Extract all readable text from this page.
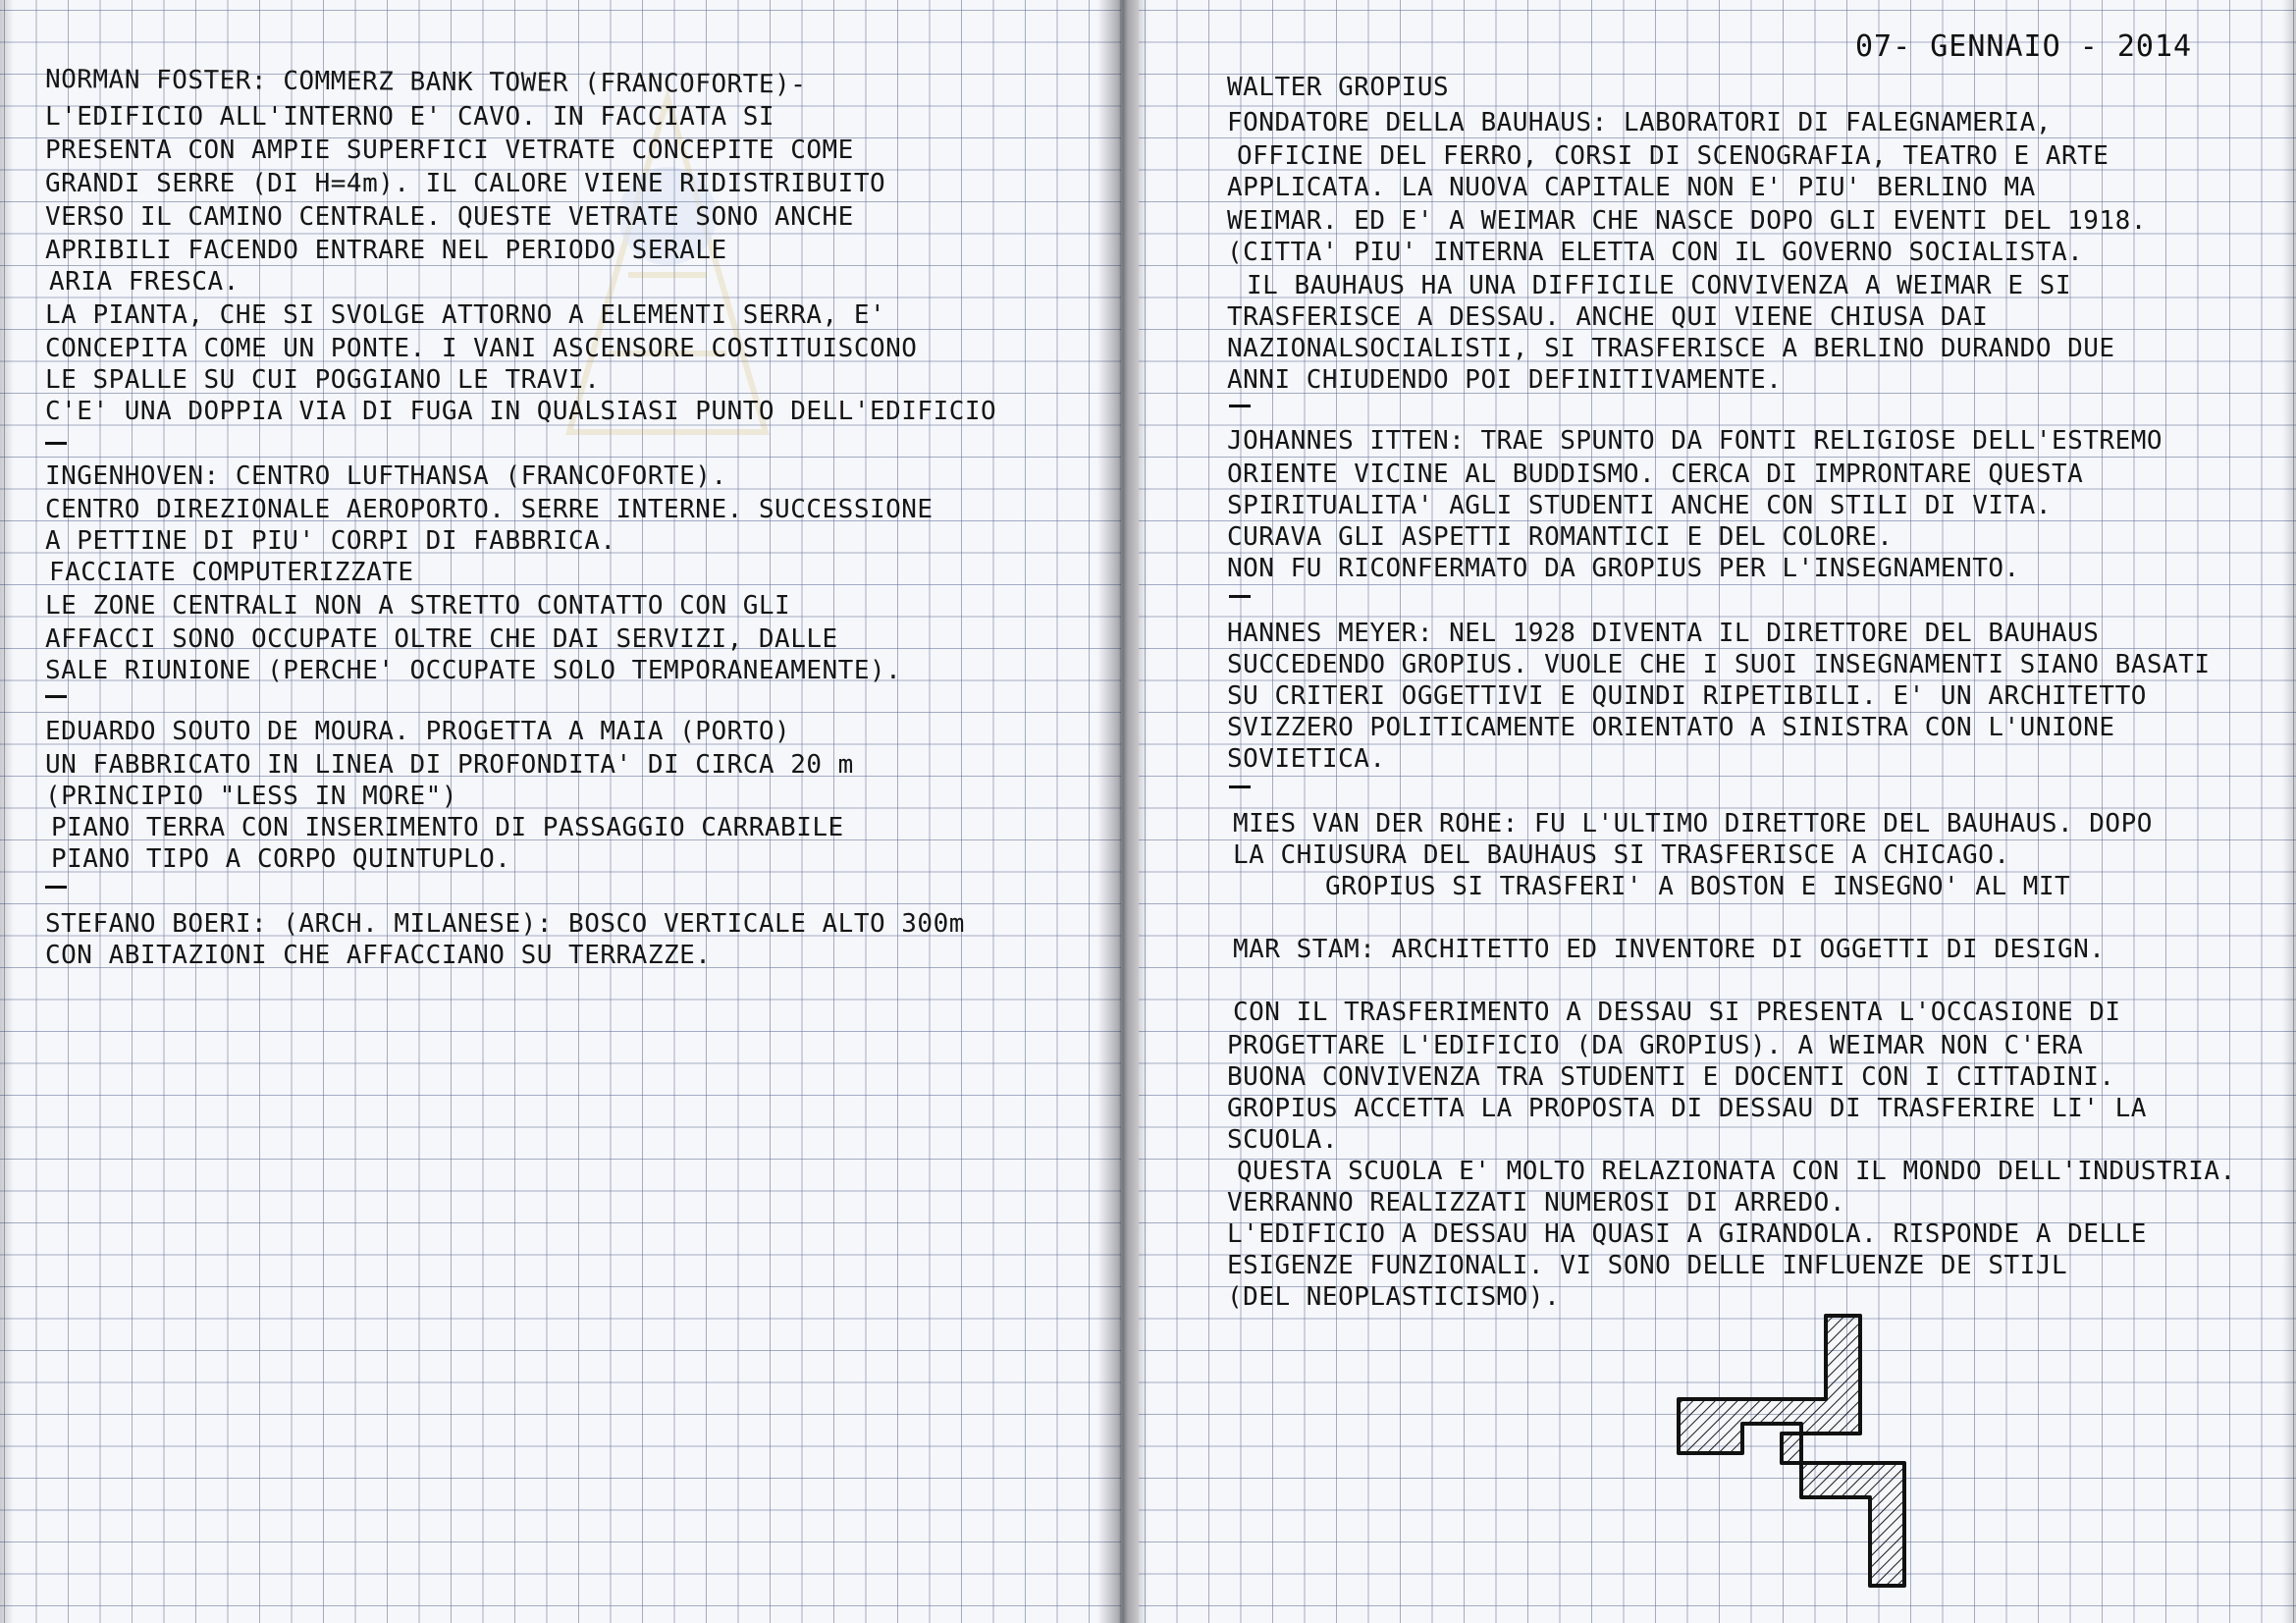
NORMAN FOSTER: COMMERZ BANK TOWER (FRANCOFORTE)-
L'EDIFICIO ALL'INTERNO E' CAVO. IN FACCIATA SI
PRESENTA CON AMPIE SUPERFICI VETRATE CONCEPITE COME
GRANDI SERRE (DI H=4m). IL CALORE VIENE RIDISTRIBUITO
VERSO IL CAMINO CENTRALE. QUESTE VETRATE SONO ANCHE
APRIBILI FACENDO ENTRARE NEL PERIODO SERALE
ARIA FRESCA.
LA PIANTA, CHE SI SVOLGE ATTORNO A ELEMENTI SERRA, E'
CONCEPITA COME UN PONTE. I VANI ASCENSORE COSTITUISCONO
LE SPALLE SU CUI POGGIANO LE TRAVI.
C'E' UNA DOPPIA VIA DI FUGA IN QUALSIASI PUNTO DELL'EDIFICIO
INGENHOVEN: CENTRO LUFTHANSA (FRANCOFORTE).
CENTRO DIREZIONALE AEROPORTO. SERRE INTERNE. SUCCESSIONE
A PETTINE DI PIU' CORPI DI FABBRICA.
FACCIATE COMPUTERIZZATE
LE ZONE CENTRALI NON A STRETTO CONTATTO CON GLI
AFFACCI SONO OCCUPATE OLTRE CHE DAI SERVIZI, DALLE
SALE RIUNIONE (PERCHE' OCCUPATE SOLO TEMPORANEAMENTE).
EDUARDO SOUTO DE MOURA. PROGETTA A MAIA (PORTO)
UN FABBRICATO IN LINEA DI PROFONDITA' DI CIRCA 20 m
(PRINCIPIO "LESS IN MORE")
PIANO TERRA CON INSERIMENTO DI PASSAGGIO CARRABILE
PIANO TIPO A CORPO QUINTUPLO.
STEFANO BOERI: (ARCH. MILANESE): BOSCO VERTICALE ALTO 300m
CON ABITAZIONI CHE AFFACCIANO SU TERRAZZE.
07- GENNAIO - 2014
WALTER GROPIUS
FONDATORE DELLA BAUHAUS: LABORATORI DI FALEGNAMERIA,
OFFICINE DEL FERRO, CORSI DI SCENOGRAFIA, TEATRO E ARTE
APPLICATA. LA NUOVA CAPITALE NON E' PIU' BERLINO MA
WEIMAR. ED E' A WEIMAR CHE NASCE DOPO GLI EVENTI DEL 1918.
(CITTA' PIU' INTERNA ELETTA CON IL GOVERNO SOCIALISTA.
IL BAUHAUS HA UNA DIFFICILE CONVIVENZA A WEIMAR E SI
TRASFERISCE A DESSAU. ANCHE QUI VIENE CHIUSA DAI
NAZIONALSOCIALISTI, SI TRASFERISCE A BERLINO DURANDO DUE
ANNI CHIUDENDO POI DEFINITIVAMENTE.
JOHANNES ITTEN: TRAE SPUNTO DA FONTI RELIGIOSE DELL'ESTREMO
ORIENTE VICINE AL BUDDISMO. CERCA DI IMPRONTARE QUESTA
SPIRITUALITA' AGLI STUDENTI ANCHE CON STILI DI VITA.
CURAVA GLI ASPETTI ROMANTICI E DEL COLORE.
NON FU RICONFERMATO DA GROPIUS PER L'INSEGNAMENTO.
HANNES MEYER: NEL 1928 DIVENTA IL DIRETTORE DEL BAUHAUS
SUCCEDENDO GROPIUS. VUOLE CHE I SUOI INSEGNAMENTI SIANO BASATI
SU CRITERI OGGETTIVI E QUINDI RIPETIBILI. E' UN ARCHITETTO
SVIZZERO POLITICAMENTE ORIENTATO A SINISTRA CON L'UNIONE
SOVIETICA.
MIES VAN DER ROHE: FU L'ULTIMO DIRETTORE DEL BAUHAUS. DOPO
LA CHIUSURA DEL BAUHAUS SI TRASFERISCE A CHICAGO.
GROPIUS SI TRASFERI' A BOSTON E INSEGNO' AL MIT
MAR STAM: ARCHITETTO ED INVENTORE DI OGGETTI DI DESIGN.
CON IL TRASFERIMENTO A DESSAU SI PRESENTA L'OCCASIONE DI
PROGETTARE L'EDIFICIO (DA GROPIUS). A WEIMAR NON C'ERA
BUONA CONVIVENZA TRA STUDENTI E DOCENTI CON I CITTADINI.
GROPIUS ACCETTA LA PROPOSTA DI DESSAU DI TRASFERIRE LI' LA
SCUOLA.
QUESTA SCUOLA E' MOLTO RELAZIONATA CON IL MONDO DELL'INDUSTRIA.
VERRANNO REALIZZATI NUMEROSI DI ARREDO.
L'EDIFICIO A DESSAU HA QUASI A GIRANDOLA. RISPONDE A DELLE
ESIGENZE FUNZIONALI. VI SONO DELLE INFLUENZE DE STIJL
(DEL NEOPLASTICISMO).
